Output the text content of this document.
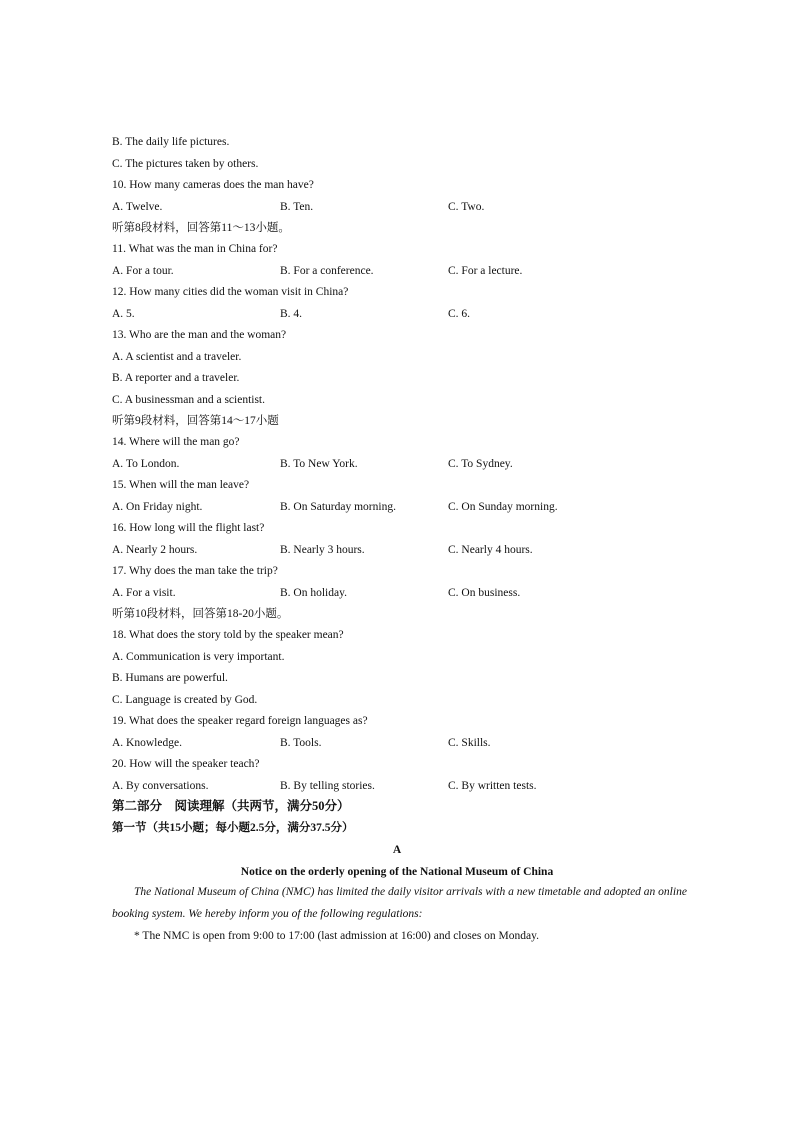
B. The daily life pictures.
C. The pictures taken by others.
10. How many cameras does the man have?
A. Twelve.	B. Ten.	C. Two.
听第8段材料，回答第11～13小题。
11. What was the man in China for?
A. For a tour.	B. For a conference.	C. For a lecture.
12. How many cities did the woman visit in China?
A. 5.	B. 4.	C. 6.
13. Who are the man and the woman?
A. A scientist and a traveler.
B. A reporter and a traveler.
C. A businessman and a scientist.
听第9段材料，回答第14～17小题
14. Where will the man go?
A. To London.	B. To New York.	C. To Sydney.
15. When will the man leave?
A. On Friday night.	B. On Saturday morning.	C. On Sunday morning.
16. How long will the flight last?
A. Nearly 2 hours.	B. Nearly 3 hours.	C. Nearly 4 hours.
17. Why does the man take the trip?
A. For a visit.	B. On holiday.	C. On business.
听第10段材料，回答第18-20小题。
18. What does the story told by the speaker mean?
A. Communication is very important.
B. Humans are powerful.
C. Language is created by God.
19. What does the speaker regard foreign languages as?
A. Knowledge.	B. Tools.	C. Skills.
20. How will the speaker teach?
A. By conversations.	B. By telling stories.	C. By written tests.
第二部分　阅读理解（共两节，满分50分）
第一节（共15小题；每小题2.5分，满分37.5分）
A
Notice on the orderly opening of the National Museum of China
The National Museum of China (NMC) has limited the daily visitor arrivals with a new timetable and adopted an online booking system. We hereby inform you of the following regulations:
* The NMC is open from 9:00 to 17:00 (last admission at 16:00) and closes on Monday.
